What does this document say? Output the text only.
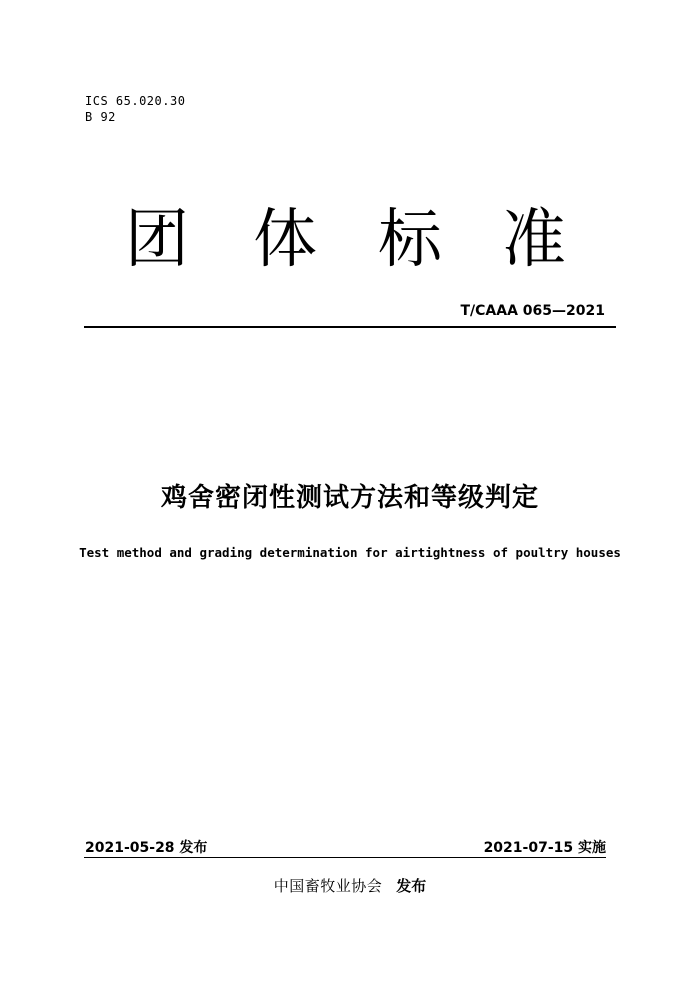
ICS 65.020.30
B 92
团 体 标 准
T/CAAA 065—2021
鸡舍密闭性测试方法和等级判定
Test method and grading determination for airtightness of poultry houses
2021-05-28 发布	2021-07-15 实施
中国畜牧业协会 发布
